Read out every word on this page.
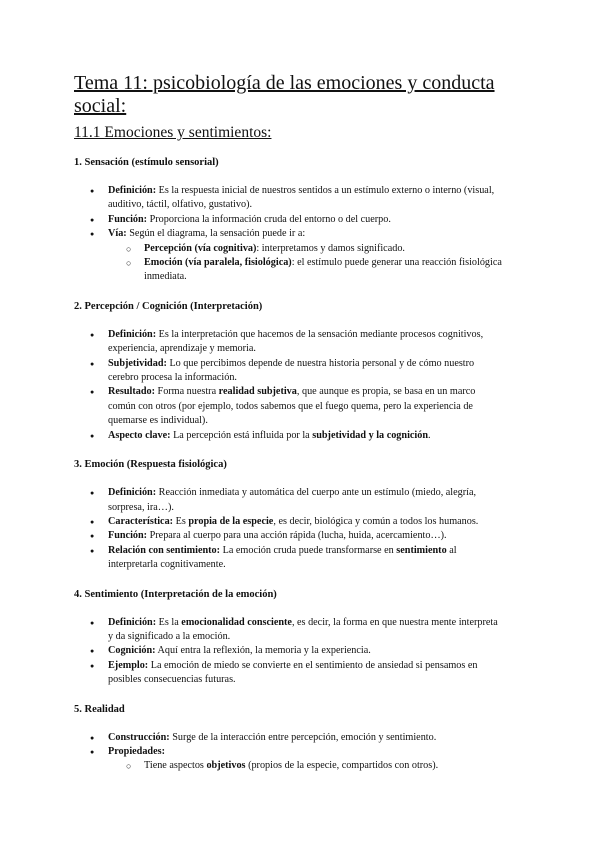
Tema 11: psicobiología de las emociones y conducta social:
11.1 Emociones y sentimientos:

1. Sensación (estímulo sensorial)

● Definición: Es la respuesta inicial de nuestros sentidos a un estímulo externo o interno (visual, auditivo, táctil, olfativo, gustativo).
● Función: Proporciona la información cruda del entorno o del cuerpo.
● Vía: Según el diagrama, la sensación puede ir a:
○ Percepción (vía cognitiva): interpretamos y damos significado.
○ Emoción (vía paralela, fisiológica): el estímulo puede generar una reacción fisiológica inmediata.

2. Percepción / Cognición (Interpretación)

● Definición: Es la interpretación que hacemos de la sensación mediante procesos cognitivos, experiencia, aprendizaje y memoria.
● Subjetividad: Lo que percibimos depende de nuestra historia personal y de cómo nuestro cerebro procesa la información.
● Resultado: Forma nuestra realidad subjetiva, que aunque es propia, se basa en un marco común con otros (por ejemplo, todos sabemos que el fuego quema, pero la experiencia de quemarse es individual).
● Aspecto clave: La percepción está influida por la subjetividad y la cognición.

3. Emoción (Respuesta fisiológica)

● Definición: Reacción inmediata y automática del cuerpo ante un estímulo (miedo, alegría, sorpresa, ira…).
● Característica: Es propia de la especie, es decir, biológica y común a todos los humanos.
● Función: Prepara al cuerpo para una acción rápida (lucha, huida, acercamiento…).
● Relación con sentimiento: La emoción cruda puede transformarse en sentimiento al interpretarla cognitivamente.

4. Sentimiento (Interpretación de la emoción)

● Definición: Es la emocionalidad consciente, es decir, la forma en que nuestra mente interpreta y da significado a la emoción.
● Cognición: Aquí entra la reflexión, la memoria y la experiencia.
● Ejemplo: La emoción de miedo se convierte en el sentimiento de ansiedad si pensamos en posibles consecuencias futuras.

5. Realidad

● Construcción: Surge de la interacción entre percepción, emoción y sentimiento.
● Propiedades:
○ Tiene aspectos objetivos (propios de la especie, compartidos con otros).
